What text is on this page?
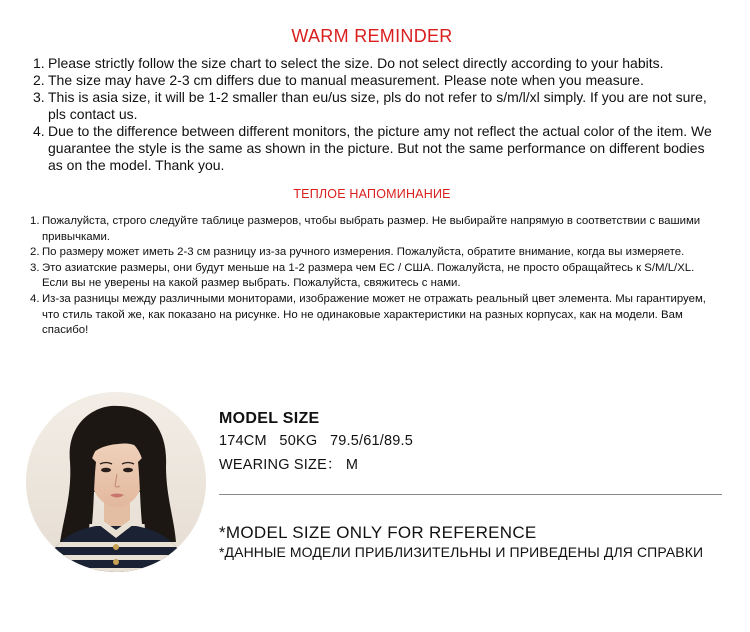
WARM REMINDER
1. Please strictly follow the size chart to select the size. Do not select directly according to your habits.
2. The size may have 2-3 cm differs due to manual measurement. Please note when you measure.
3. This is asia size, it will be 1-2 smaller than eu/us size, pls do not refer to s/m/l/xl simply. If you are not sure, pls contact us.
4. Due to the difference between different monitors, the picture amy not reflect the actual color of the item. We guarantee the style is the same as shown in the picture. But not the same performance on different bodies as on the model. Thank you.
ТЕПЛОЕ НАПОМИНАНИЕ
1. Пожалуйста, строго следуйте таблице размеров, чтобы выбрать размер. Не выбирайте напрямую в соответствии с вашими привычками.
2. По размеру может иметь 2-3 см разницу из-за ручного измерения. Пожалуйста, обратите внимание, когда вы измеряете.
3. Это азиатские размеры, они будут меньше на 1-2 размера чем ЕС / США. Пожалуйста, не просто обращайтесь к S/M/L/XL. Если вы не уверены на какой размер выбрать. Пожалуйста, свяжитесь с нами.
4. Из-за разницы между различными мониторами, изображение может не отражать реальный цвет элемента. Мы гарантируем, что стиль такой же, как показано на рисунке. Но не одинаковые характеристики на разных корпусах, как на модели. Вам спасибо!
MODEL SIZE
174CM   50KG   79.5/61/89.5
WEARING SIZE： M
*MODEL SIZE ONLY FOR REFERENCE
*ДАННЫЕ МОДЕЛИ ПРИБЛИЗИТЕЛЬНЫ И ПРИВЕДЕНЫ ДЛЯ СПРАВКИ
